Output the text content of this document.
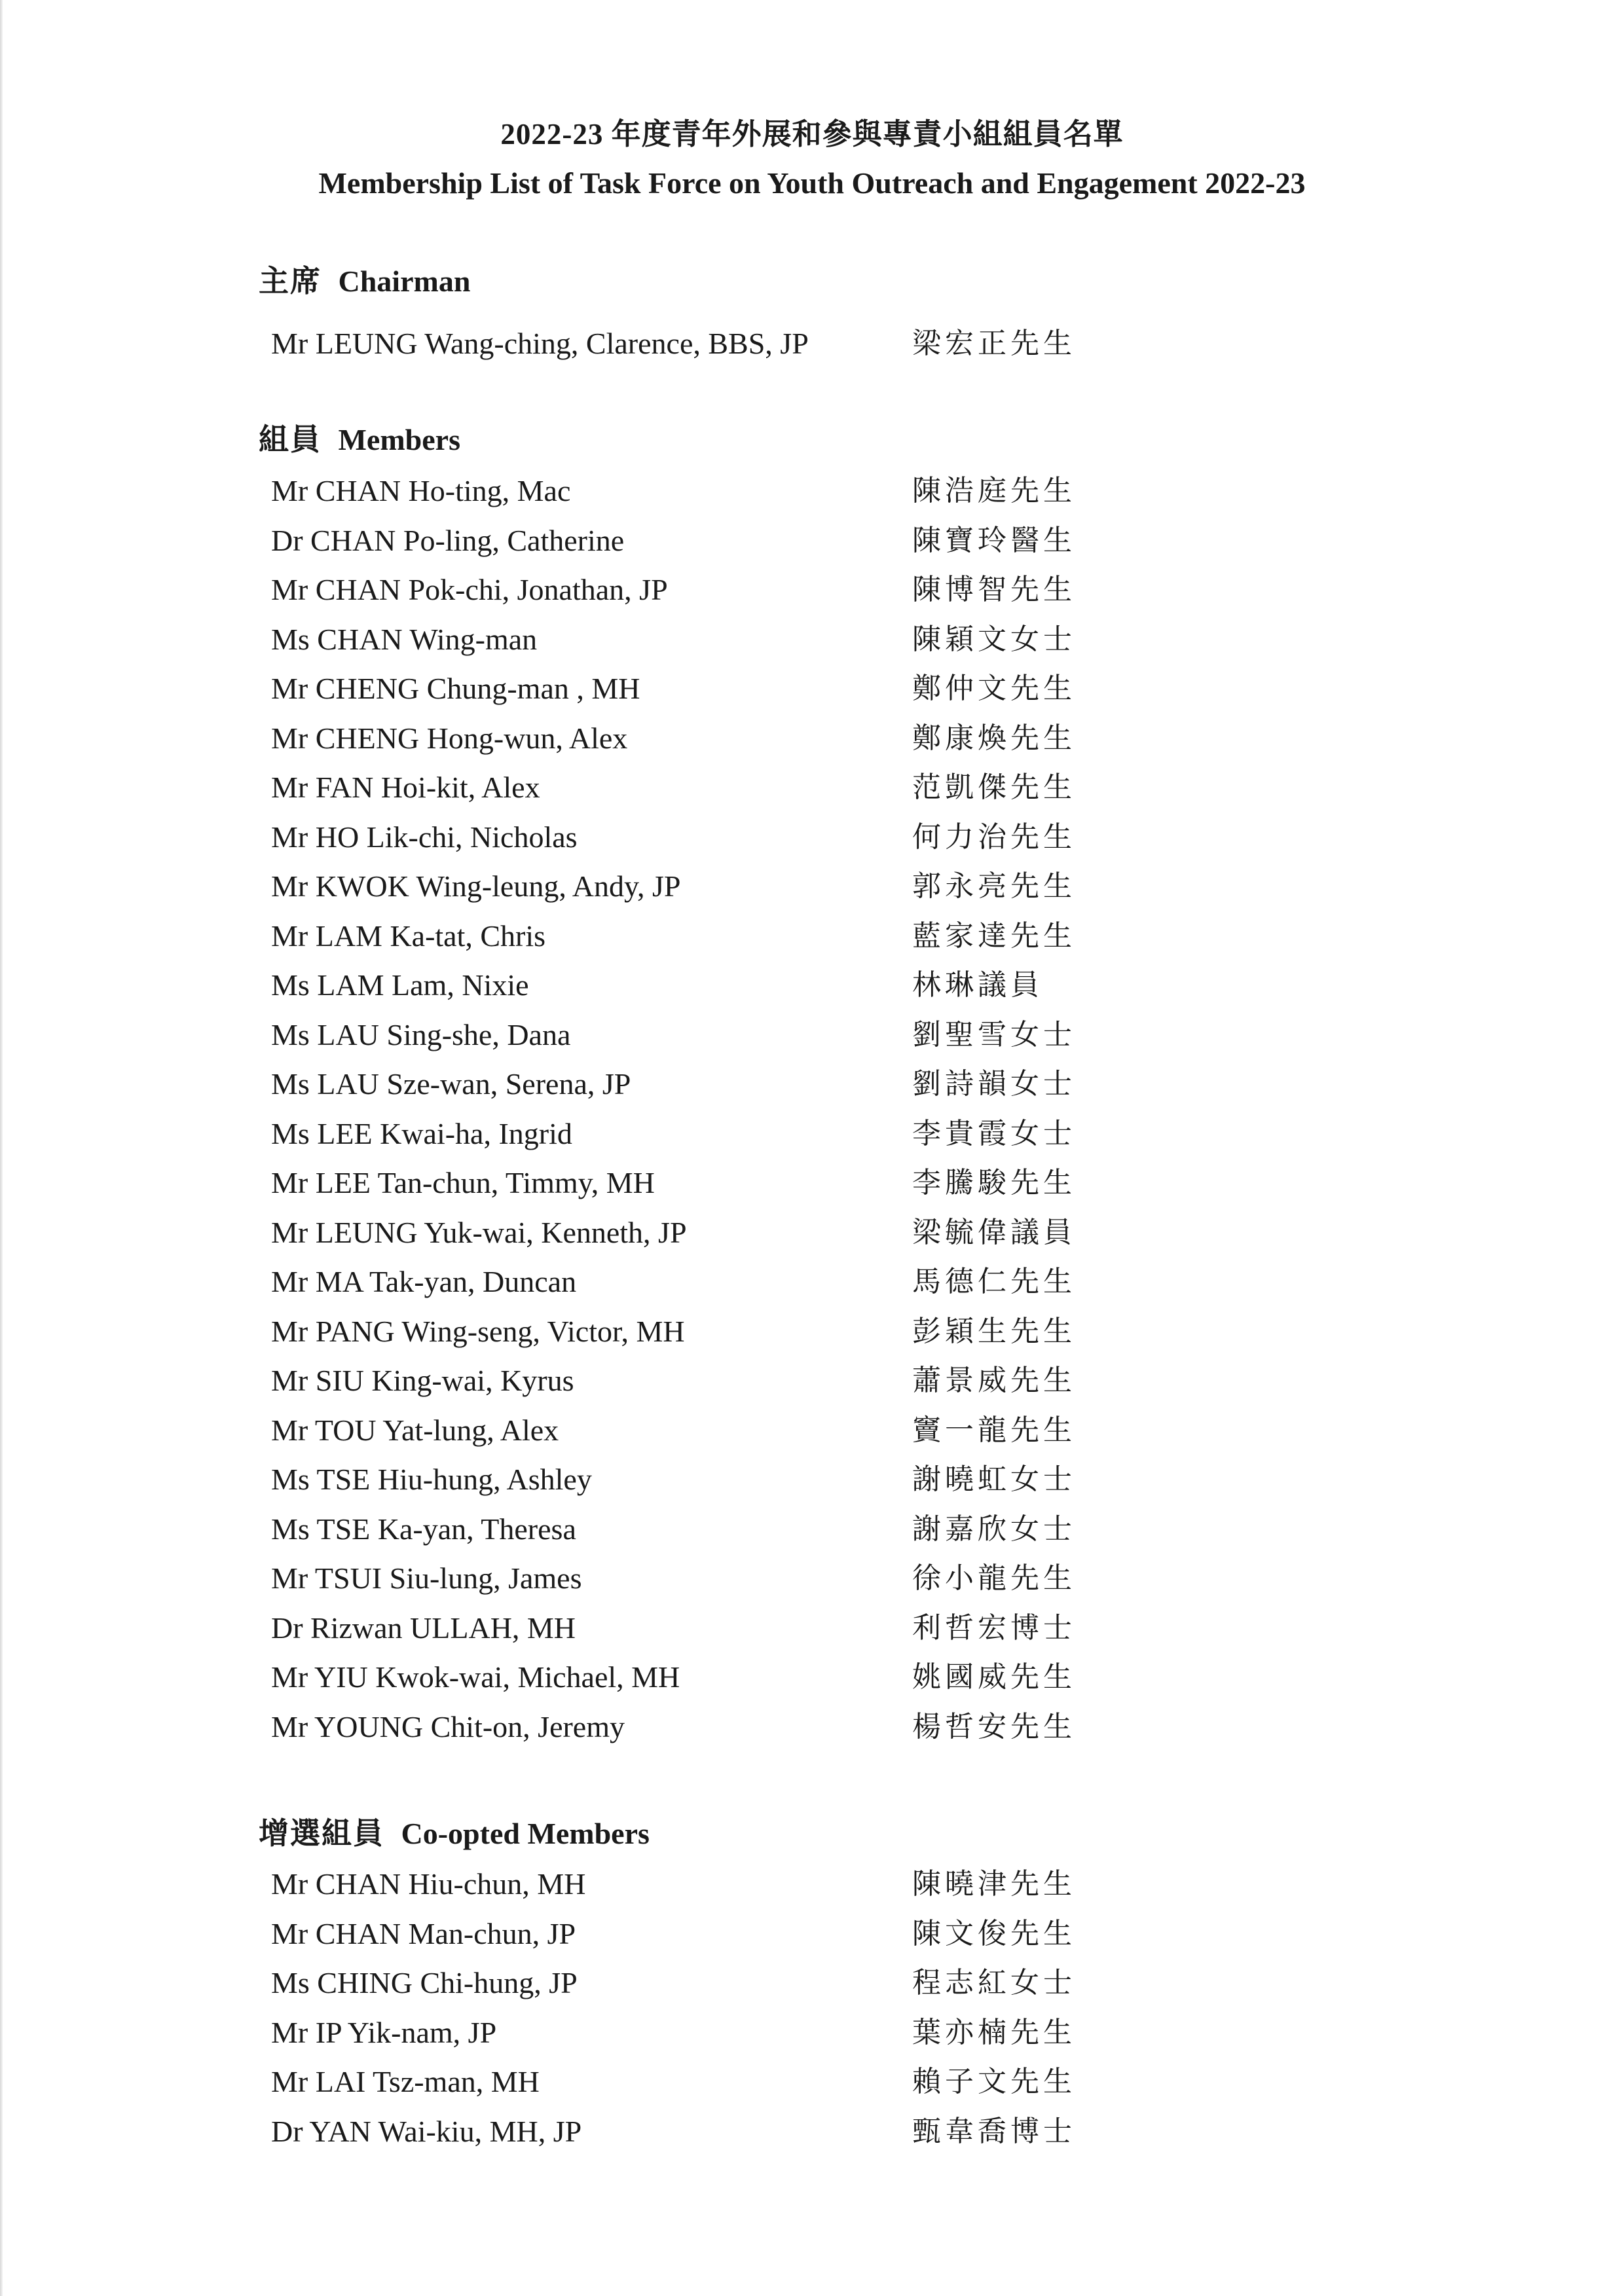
2022-23 年度青年外展和參與專責小組組員名單
Membership List of Task Force on Youth Outreach and Engagement 2022-23
主席 Chairman
Mr LEUNG Wang-ching, Clarence, BBS, JP	梁宏正先生
組員 Members
Mr CHAN Ho-ting, Mac	陳浩庭先生
Dr CHAN Po-ling, Catherine	陳寶玲醫生
Mr CHAN Pok-chi, Jonathan, JP	陳博智先生
Ms CHAN Wing-man	陳穎文女士
Mr CHENG Chung-man , MH	鄭仲文先生
Mr CHENG Hong-wun, Alex	鄭康煥先生
Mr FAN Hoi-kit, Alex	范凱傑先生
Mr HO Lik-chi, Nicholas	何力治先生
Mr KWOK Wing-leung, Andy, JP	郭永亮先生
Mr LAM Ka-tat, Chris	藍家達先生
Ms LAM Lam, Nixie	林琳議員
Ms LAU Sing-she, Dana	劉聖雪女士
Ms LAU Sze-wan, Serena, JP	劉詩韻女士
Ms LEE Kwai-ha, Ingrid	李貴霞女士
Mr LEE Tan-chun, Timmy, MH	李騰駿先生
Mr LEUNG Yuk-wai, Kenneth, JP	梁毓偉議員
Mr MA Tak-yan, Duncan	馬德仁先生
Mr PANG Wing-seng, Victor, MH	彭穎生先生
Mr SIU King-wai, Kyrus	蕭景威先生
Mr TOU Yat-lung, Alex	竇一龍先生
Ms TSE Hiu-hung, Ashley	謝曉虹女士
Ms TSE Ka-yan, Theresa	謝嘉欣女士
Mr TSUI Siu-lung, James	徐小龍先生
Dr Rizwan ULLAH, MH	利哲宏博士
Mr YIU Kwok-wai, Michael, MH	姚國威先生
Mr YOUNG Chit-on, Jeremy	楊哲安先生
增選組員 Co-opted Members
Mr CHAN Hiu-chun, MH	陳曉津先生
Mr CHAN Man-chun, JP	陳文俊先生
Ms CHING Chi-hung, JP	程志紅女士
Mr IP Yik-nam, JP	葉亦楠先生
Mr LAI Tsz-man, MH	賴子文先生
Dr YAN Wai-kiu, MH, JP	甄韋喬博士
